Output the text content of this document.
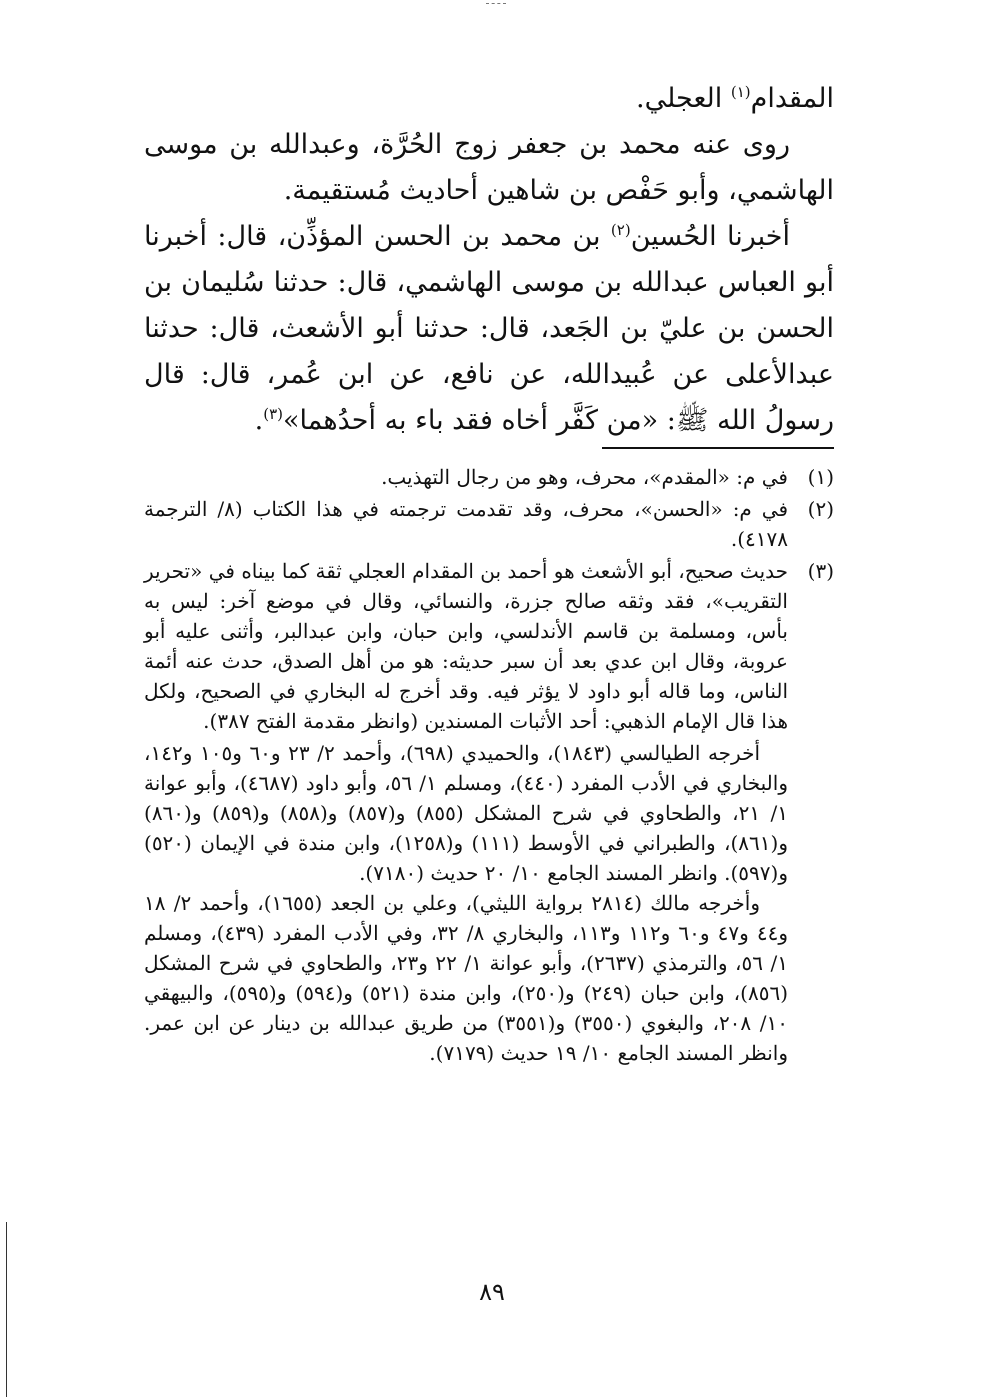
المقدام$^{(١)}$ العجلي.

روى عنه محمد بن جعفر زوج الحُرَّة، وعبدالله بن موسى الهاشمي، وأبو حَفْص بن شاهين أحاديث مُستقيمة.

أخبرنا الحُسين$^{(٢)}$ بن محمد بن الحسن المؤذِّن، قال: أخبرنا أبو العباس عبدالله بن موسى الهاشمي، قال: حدثنا سُليمان بن الحسن بن عليّ بن الجَعد، قال: حدثنا أبو الأشعث، قال: حدثنا عبدالأعلى عن عُبيدالله، عن نافع، عن ابن عُمر، قال: قال رسولُ الله ﷺ: «من كَفَّر أخاه فقد باء به أحدُهما»$^{(٣)}$.

(١)
في م: «المقدم»، محرف، وهو من رجال التهذيب.
(٢)
في م: «الحسن»، محرف، وقد تقدمت ترجمته في هذا الكتاب (٨/ الترجمة ٤١٧٨).
(٣)
حديث صحيح، أبو الأشعث هو أحمد بن المقدام العجلي ثقة كما بيناه في «تحرير التقريب»، فقد وثقه صالح جزرة، والنسائي، وقال في موضع آخر: ليس به بأس، ومسلمة بن قاسم الأندلسي، وابن حبان، وابن عبدالبر، وأثنى عليه أبو عروبة، وقال ابن عدي بعد أن سبر حديثه: هو من أهل الصدق، حدث عنه أئمة الناس، وما قاله أبو داود لا يؤثر فيه. وقد أخرج له البخاري في الصحيح، ولكل هذا قال الإمام الذهبي: أحد الأثبات المسندين (وانظر مقدمة الفتح ٣٨٧).

أخرجه الطيالسي (١٨٤٣)، والحميدي (٦٩٨)، وأحمد ٢/ ٢٣ و٦٠ و١٠٥ و١٤٢، والبخاري في الأدب المفرد (٤٤٠)، ومسلم ١/ ٥٦، وأبو داود (٤٦٨٧)، وأبو عوانة ١/ ٢١، والطحاوي في شرح المشكل (٨٥٥) و(٨٥٧) و(٨٥٨) و(٨٥٩) و(٨٦٠) و(٨٦١)، والطبراني في الأوسط (١١١) و(١٢٥٨)، وابن مندة في الإيمان (٥٢٠) و(٥٩٧). وانظر المسند الجامع ١٠/ ٢٠ حديث (٧١٨٠).

وأخرجه مالك (٢٨١٤ برواية الليثي)، وعلي بن الجعد (١٦٥٥)، وأحمد ٢/ ١٨ و٤٤ و٤٧ و٦٠ و١١٢ و١١٣، والبخاري ٨/ ٣٢، وفي الأدب المفرد (٤٣٩)، ومسلم ١/ ٥٦، والترمذي (٢٦٣٧)، وأبو عوانة ١/ ٢٢ و٢٣، والطحاوي في شرح المشكل (٨٥٦)، وابن حبان (٢٤٩) و(٢٥٠)، وابن مندة (٥٢١) و(٥٩٤) و(٥٩٥)، والبيهقي ١٠/ ٢٠٨، والبغوي (٣٥٥٠) و(٣٥٥١) من طريق عبدالله بن دينار عن ابن عمر. وانظر المسند الجامع ١٠/ ١٩ حديث (٧١٧٩).

٨٩
